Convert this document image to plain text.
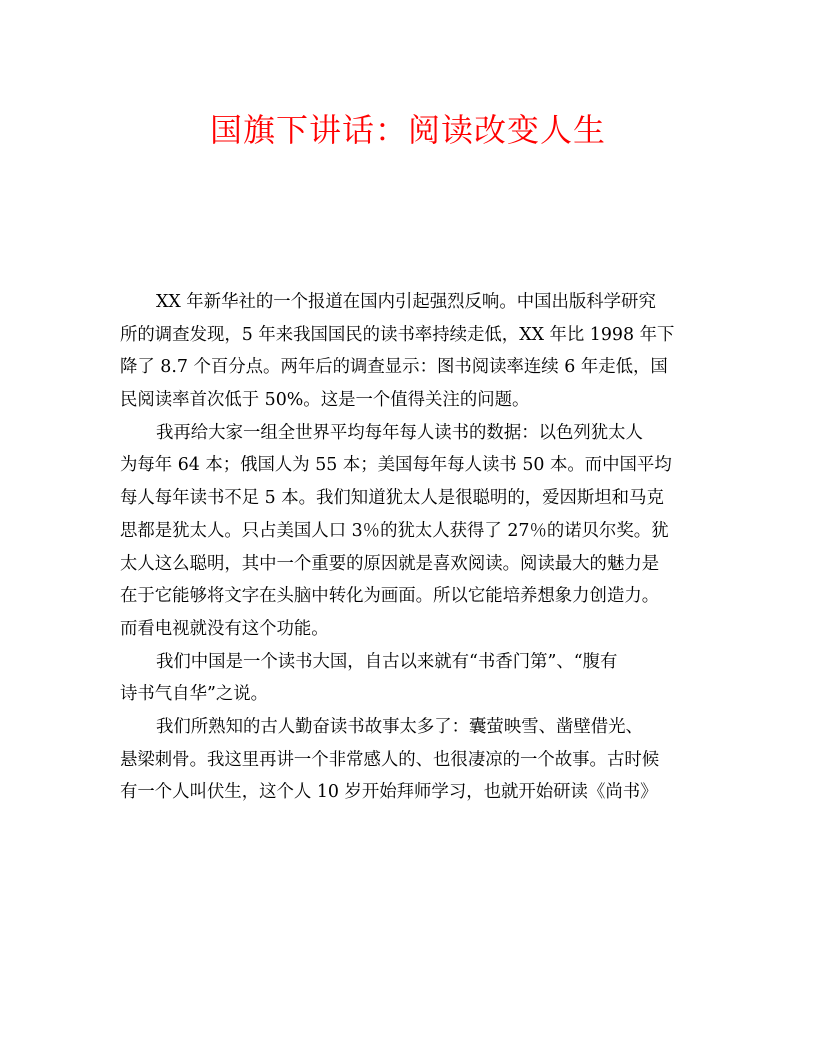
国旗下讲话：阅读改变人生
XX 年新华社的一个报道在国内引起强烈反响。中国出版科学研究
所的调查发现，5 年来我国国民的读书率持续走低，XX 年比 1998 年下
降了 8.7 个百分点。两年后的调查显示：图书阅读率连续 6 年走低，国
民阅读率首次低于 50%。这是一个值得关注的问题。
我再给大家一组全世界平均每年每人读书的数据：以色列犹太人
为每年 64 本；俄国人为 55 本；美国每年每人读书 50 本。而中国平均
每人每年读书不足 5 本。我们知道犹太人是很聪明的，爱因斯坦和马克
思都是犹太人。只占美国人口 3％的犹太人获得了 27％的诺贝尔奖。犹
太人这么聪明，其中一个重要的原因就是喜欢阅读。阅读最大的魅力是
在于它能够将文字在头脑中转化为画面。所以它能培养想象力创造力。
而看电视就没有这个功能。
我们中国是一个读书大国，自古以来就有“书香门第”、“腹有
诗书气自华”之说。
我们所熟知的古人勤奋读书故事太多了：囊萤映雪、凿壁借光、
悬梁刺骨。我这里再讲一个非常感人的、也很凄凉的一个故事。古时候
有一个人叫伏生，这个人 10 岁开始拜师学习，也就开始研读《尚书》
